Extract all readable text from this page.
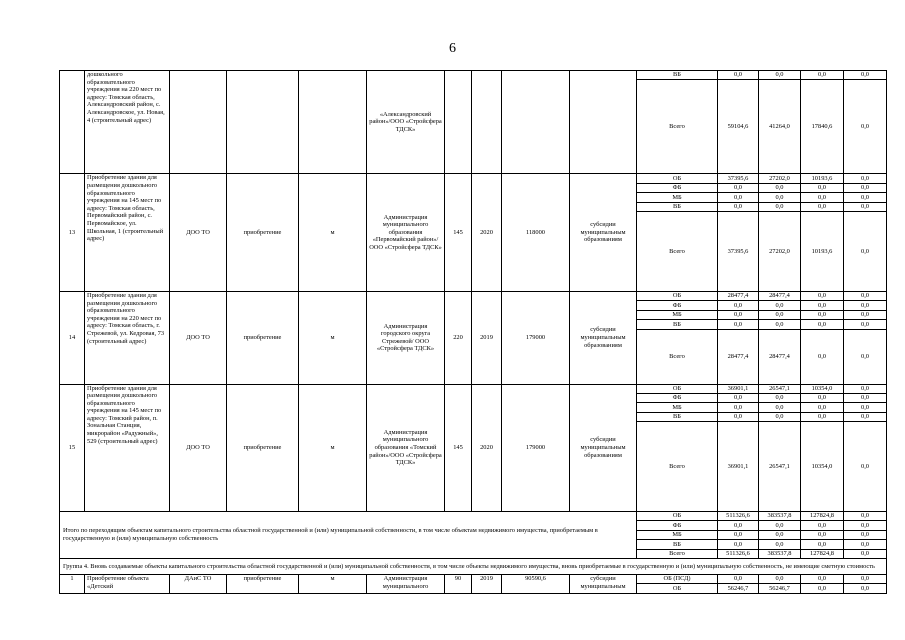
6
	дошкольного образовательного учреждения на 220 мест по адресу: Томская область, Александровский район, с. Александровское, ул. Новая, 4 (строительный адрес)				«Александровский район»/ООО «Стройсфера ТДСК»					ВБ	0,0	0,0	0,0	0,0
										Всего	59104,6	41264,0	17840,6	0,0
13	Приобретение здания для размещения дошкольного образовательного учреждения на 145 мест по адресу: Томская область, Первомайский район, с. Первомайское, ул. Школьная, 1 (строительный адрес)	ДОО ТО	приобретение	м	Администрация муниципального образования «Первомайский район»/ООО «Стройсфера ТДСК»	145	2020	118000	субсидии муниципальным образованиям	ОБ	37395,6	27202,0	10193,6	0,0
										ФБ	0,0	0,0	0,0	0,0
										МБ	0,0	0,0	0,0	0,0
										ВБ	0,0	0,0	0,0	0,0
										Всего	37395,6	27202,0	10193,6	0,0
14	Приобретение здания для размещения дошкольного образовательного учреждения на 220 мест по адресу: Томская область, г. Стрежевой, ул. Кедровая, 73 (строительный адрес)	ДОО ТО	приобретение	м	Администрация городского округа Стрежевой/ ООО «Стройсфера ТДСК»	220	2019	179000	субсидии муниципальным образованиям	ОБ	28477,4	28477,4	0,0	0,0
										ФБ	0,0	0,0	0,0	0,0
										МБ	0,0	0,0	0,0	0,0
										ВБ	0,0	0,0	0,0	0,0
										Всего	28477,4	28477,4	0,0	0,0
15	Приобретение здания для размещения дошкольного образовательного учреждения на 145 мест по адресу: Томский район, п. Зональная Станция, микрорайон «Радужный», 529 (строительный адрес)	ДОО ТО	приобретение	м	Администрация муниципального образования «Томский район»/ООО «Стройсфера ТДСК»	145	2020	179000	субсидии муниципальным образованиям	ОБ	36901,1	26547,1	10354,0	0,0
										ФБ	0,0	0,0	0,0	0,0
										МБ	0,0	0,0	0,0	0,0
										ВБ	0,0	0,0	0,0	0,0
										Всего	36901,1	26547,1	10354,0	0,0
Итого по переходящим объектам капитального строительства областной государственной и (или) муниципальной собственности, в том числе объектам недвижимого имущества, приобретаемым в государственную и (или) муниципальную собственность										ОБ	511326,6	383537,8	127824,8	0,0
										ФБ	0,0	0,0	0,0	0,0
										МБ	0,0	0,0	0,0	0,0
										ВБ	0,0	0,0	0,0	0,0
										Всего	511326,6	383537,8	127824,8	0,0
Группа 4. Вновь создаваемые объекты капитального строительства областной государственной и (или) муниципальной собственности, в том числе объекты недвижимого имущества, вновь приобретаемые в государственную и (или) муниципальную собственность, не имеющие сметную стоимость														
1	Приобретение объекта «Детский	ДАиС ТО	приобретение	м	Администрация муниципального	90	2019	90590,6	субсидии муниципальным	ОБ (ПСД)	0,0	0,0	0,0	0,0
										ОБ	56246,7	56246,7	0,0	0,0
